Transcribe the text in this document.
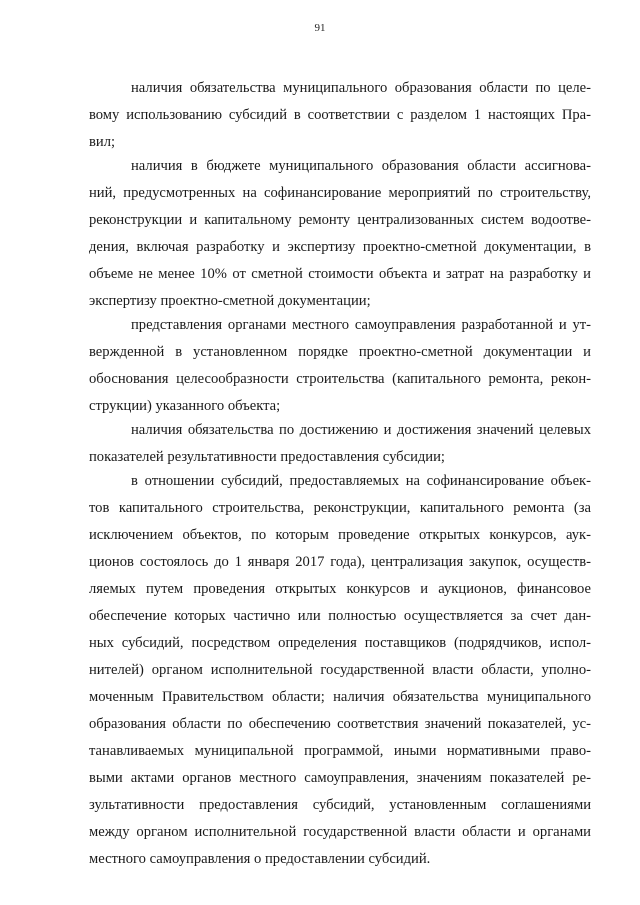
91

наличия обязательства муниципального образования области по целе-

вому использованию субсидий в соответствии с разделом 1 настоящих Пра-

вил;

наличия в бюджете муниципального образования области ассигнова-

ний, предусмотренных на софинансирование мероприятий по строительству,

реконструкции и капитальному ремонту централизованных систем водоотве-

дения, включая разработку и экспертизу проектно-сметной документации, в

объеме не менее 10% от сметной стоимости объекта и затрат на разработку и

экспертизу проектно-сметной документации;

представления органами местного самоуправления разработанной и ут-

вержденной в установленном порядке проектно-сметной документации и

обоснования целесообразности строительства (капитального ремонта, рекон-

струкции) указанного объекта;

наличия обязательства по достижению и достижения значений целевых

показателей результативности предоставления субсидии;

в отношении субсидий, предоставляемых на софинансирование объек-

тов капитального строительства, реконструкции, капитального ремонта (за

исключением объектов, по которым проведение открытых конкурсов, аук-

ционов состоялось до 1 января 2017 года), централизация закупок, осуществ-

ляемых путем проведения открытых конкурсов и аукционов, финансовое

обеспечение которых частично или полностью осуществляется за счет дан-

ных субсидий, посредством определения поставщиков (подрядчиков, испол-

нителей) органом исполнительной государственной власти области, уполно-

моченным Правительством области; наличия обязательства муниципального

образования области по обеспечению соответствия значений показателей, ус-

танавливаемых муниципальной программой, иными нормативными право-

выми актами органов местного самоуправления, значениям показателей ре-

зультативности предоставления субсидий, установленным соглашениями

между органом исполнительной государственной власти области и органами

местного самоуправления о предоставлении субсидий.
